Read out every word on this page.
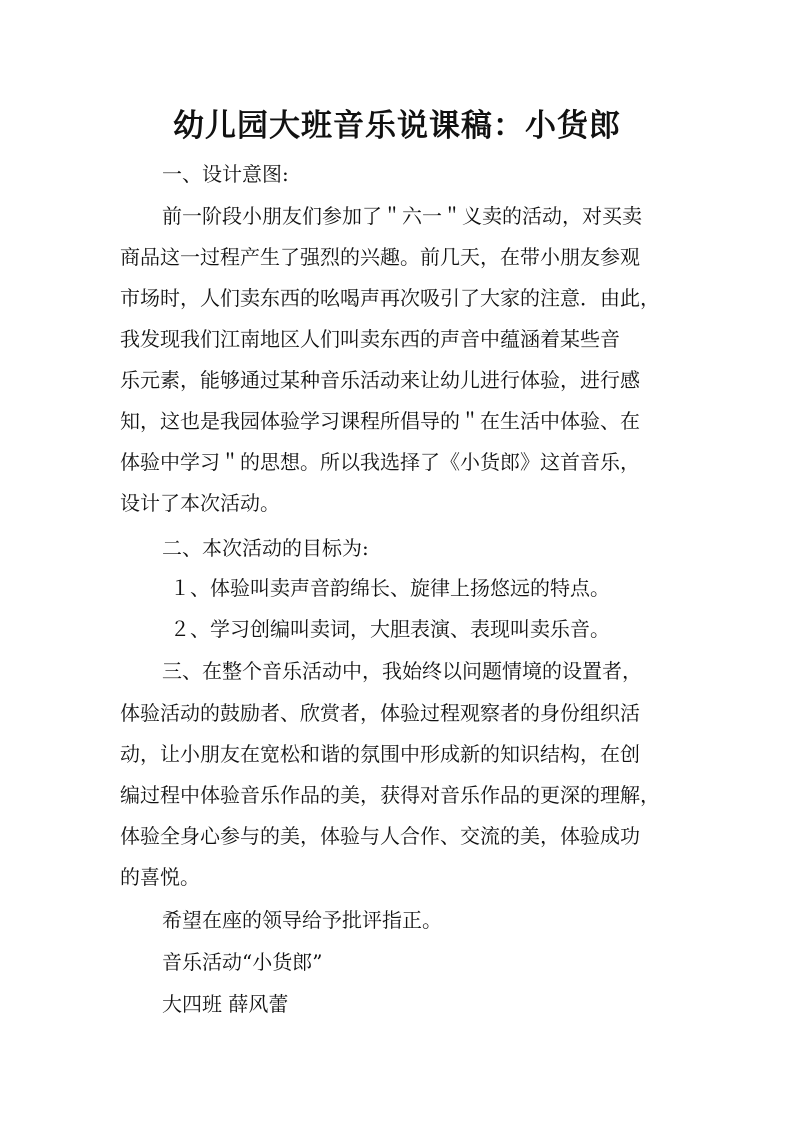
幼儿园大班音乐说课稿：小货郎
一、设计意图:
前一阶段小朋友们参加了＂六一＂义卖的活动，对买卖
商品这一过程产生了强烈的兴趣。前几天，在带小朋友参观
市场时，人们卖东西的吆喝声再次吸引了大家的注意．由此，
我发现我们江南地区人们叫卖东西的声音中蕴涵着某些音
乐元素，能够通过某种音乐活动来让幼儿进行体验，进行感
知，这也是我园体验学习课程所倡导的＂在生活中体验、在
体验中学习＂的思想。所以我选择了《小货郎》这首音乐，
设计了本次活动。
二、本次活动的目标为:
１、体验叫卖声音韵绵长、旋律上扬悠远的特点。
２、学习创编叫卖词，大胆表演、表现叫卖乐音。
三、在整个音乐活动中，我始终以问题情境的设置者，
体验活动的鼓励者、欣赏者，体验过程观察者的身份组织活
动，让小朋友在宽松和谐的氛围中形成新的知识结构，在创
编过程中体验音乐作品的美，获得对音乐作品的更深的理解，
体验全身心参与的美，体验与人合作、交流的美，体验成功
的喜悦。
希望在座的领导给予批评指正。
音乐活动“小货郎”
大四班 薛风蕾
